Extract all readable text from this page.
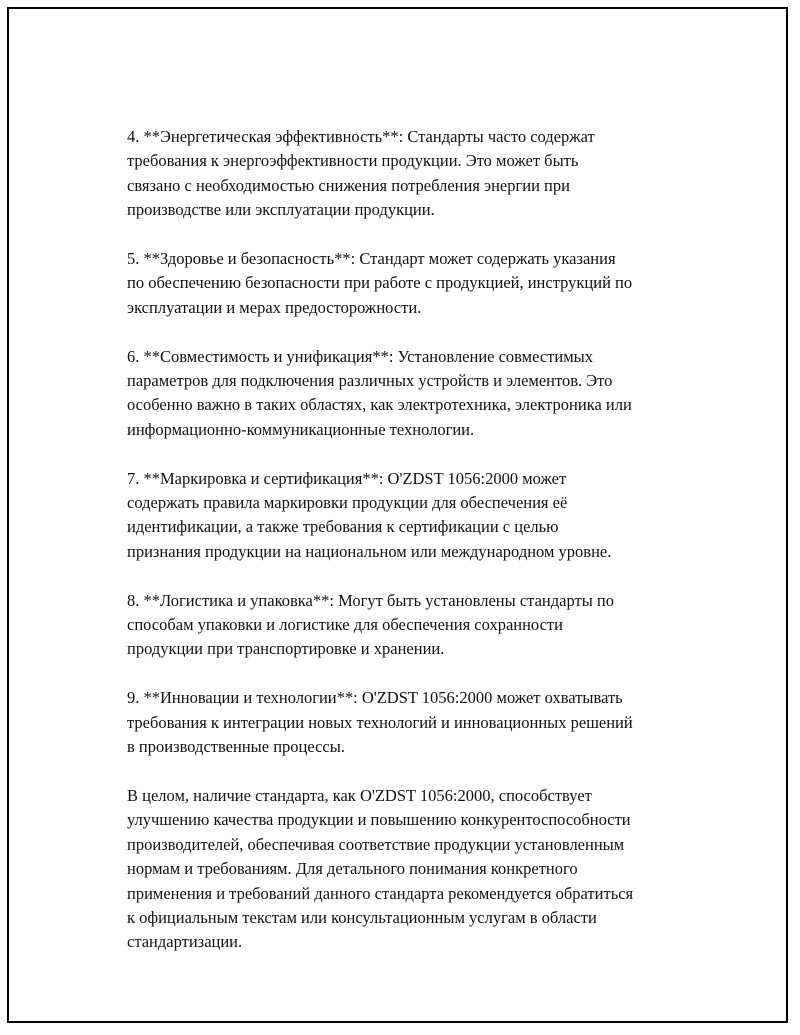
4. **Энергетическая эффективность**: Стандарты часто содержат
требования к энергоэффективности продукции. Это может быть
связано с необходимостью снижения потребления энергии при
производстве или эксплуатации продукции.

5. **Здоровье и безопасность**: Стандарт может содержать указания
по обеспечению безопасности при работе с продукцией, инструкций по
эксплуатации и мерах предосторожности.

6. **Совместимость и унификация**: Установление совместимых
параметров для подключения различных устройств и элементов. Это
особенно важно в таких областях, как электротехника, электроника или
информационно-коммуникационные технологии.

7. **Маркировка и сертификация**: O'ZDST 1056:2000 может
содержать правила маркировки продукции для обеспечения её
идентификации, а также требования к сертификации с целью
признания продукции на национальном или международном уровне.

8. **Логистика и упаковка**: Могут быть установлены стандарты по
способам упаковки и логистике для обеспечения сохранности
продукции при транспортировке и хранении.

9. **Инновации и технологии**: O'ZDST 1056:2000 может охватывать
требования к интеграции новых технологий и инновационных решений
в производственные процессы.

В целом, наличие стандарта, как O'ZDST 1056:2000, способствует
улучшению качества продукции и повышению конкурентоспособности
производителей, обеспечивая соответствие продукции установленным
нормам и требованиям. Для детального понимания конкретного
применения и требований данного стандарта рекомендуется обратиться
к официальным текстам или консультационным услугам в области
стандартизации.
